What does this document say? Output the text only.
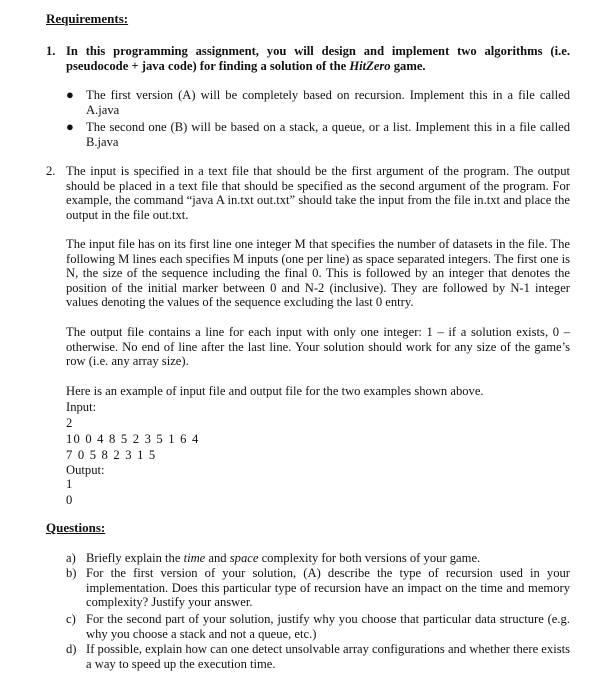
Requirements:
1. In this programming assignment, you will design and implement two algorithms (i.e. pseudocode + java code) for finding a solution of the HitZero game.
● The first version (A) will be completely based on recursion. Implement this in a file called A.java
● The second one (B) will be based on a stack, a queue, or a list. Implement this in a file called B.java
2. The input is specified in a text file that should be the first argument of the program. The output should be placed in a text file that should be specified as the second argument of the program. For example, the command “java A in.txt out.txt” should take the input from the file in.txt and place the output in the file out.txt.
The input file has on its first line one integer M that specifies the number of datasets in the file. The following M lines each specifies M inputs (one per line) as space separated integers. The first one is N, the size of the sequence including the final 0. This is followed by an integer that denotes the position of the initial marker between 0 and N-2 (inclusive). They are followed by N-1 integer values denoting the values of the sequence excluding the last 0 entry.
The output file contains a line for each input with only one integer: 1 – if a solution exists, 0 – otherwise. No end of line after the last line. Your solution should work for any size of the game’s row (i.e. any array size).
Here is an example of input file and output file for the two examples shown above.
Input:
2
10 0 4 8 5 2 3 5 1 6 4
7 0 5 8 2 3 1 5
Output:
1
0
Questions:
a) Briefly explain the time and space complexity for both versions of your game.
b) For the first version of your solution, (A) describe the type of recursion used in your implementation. Does this particular type of recursion have an impact on the time and memory complexity? Justify your answer.
c) For the second part of your solution, justify why you choose that particular data structure (e.g. why you choose a stack and not a queue, etc.)
d) If possible, explain how can one detect unsolvable array configurations and whether there exists a way to speed up the execution time.
